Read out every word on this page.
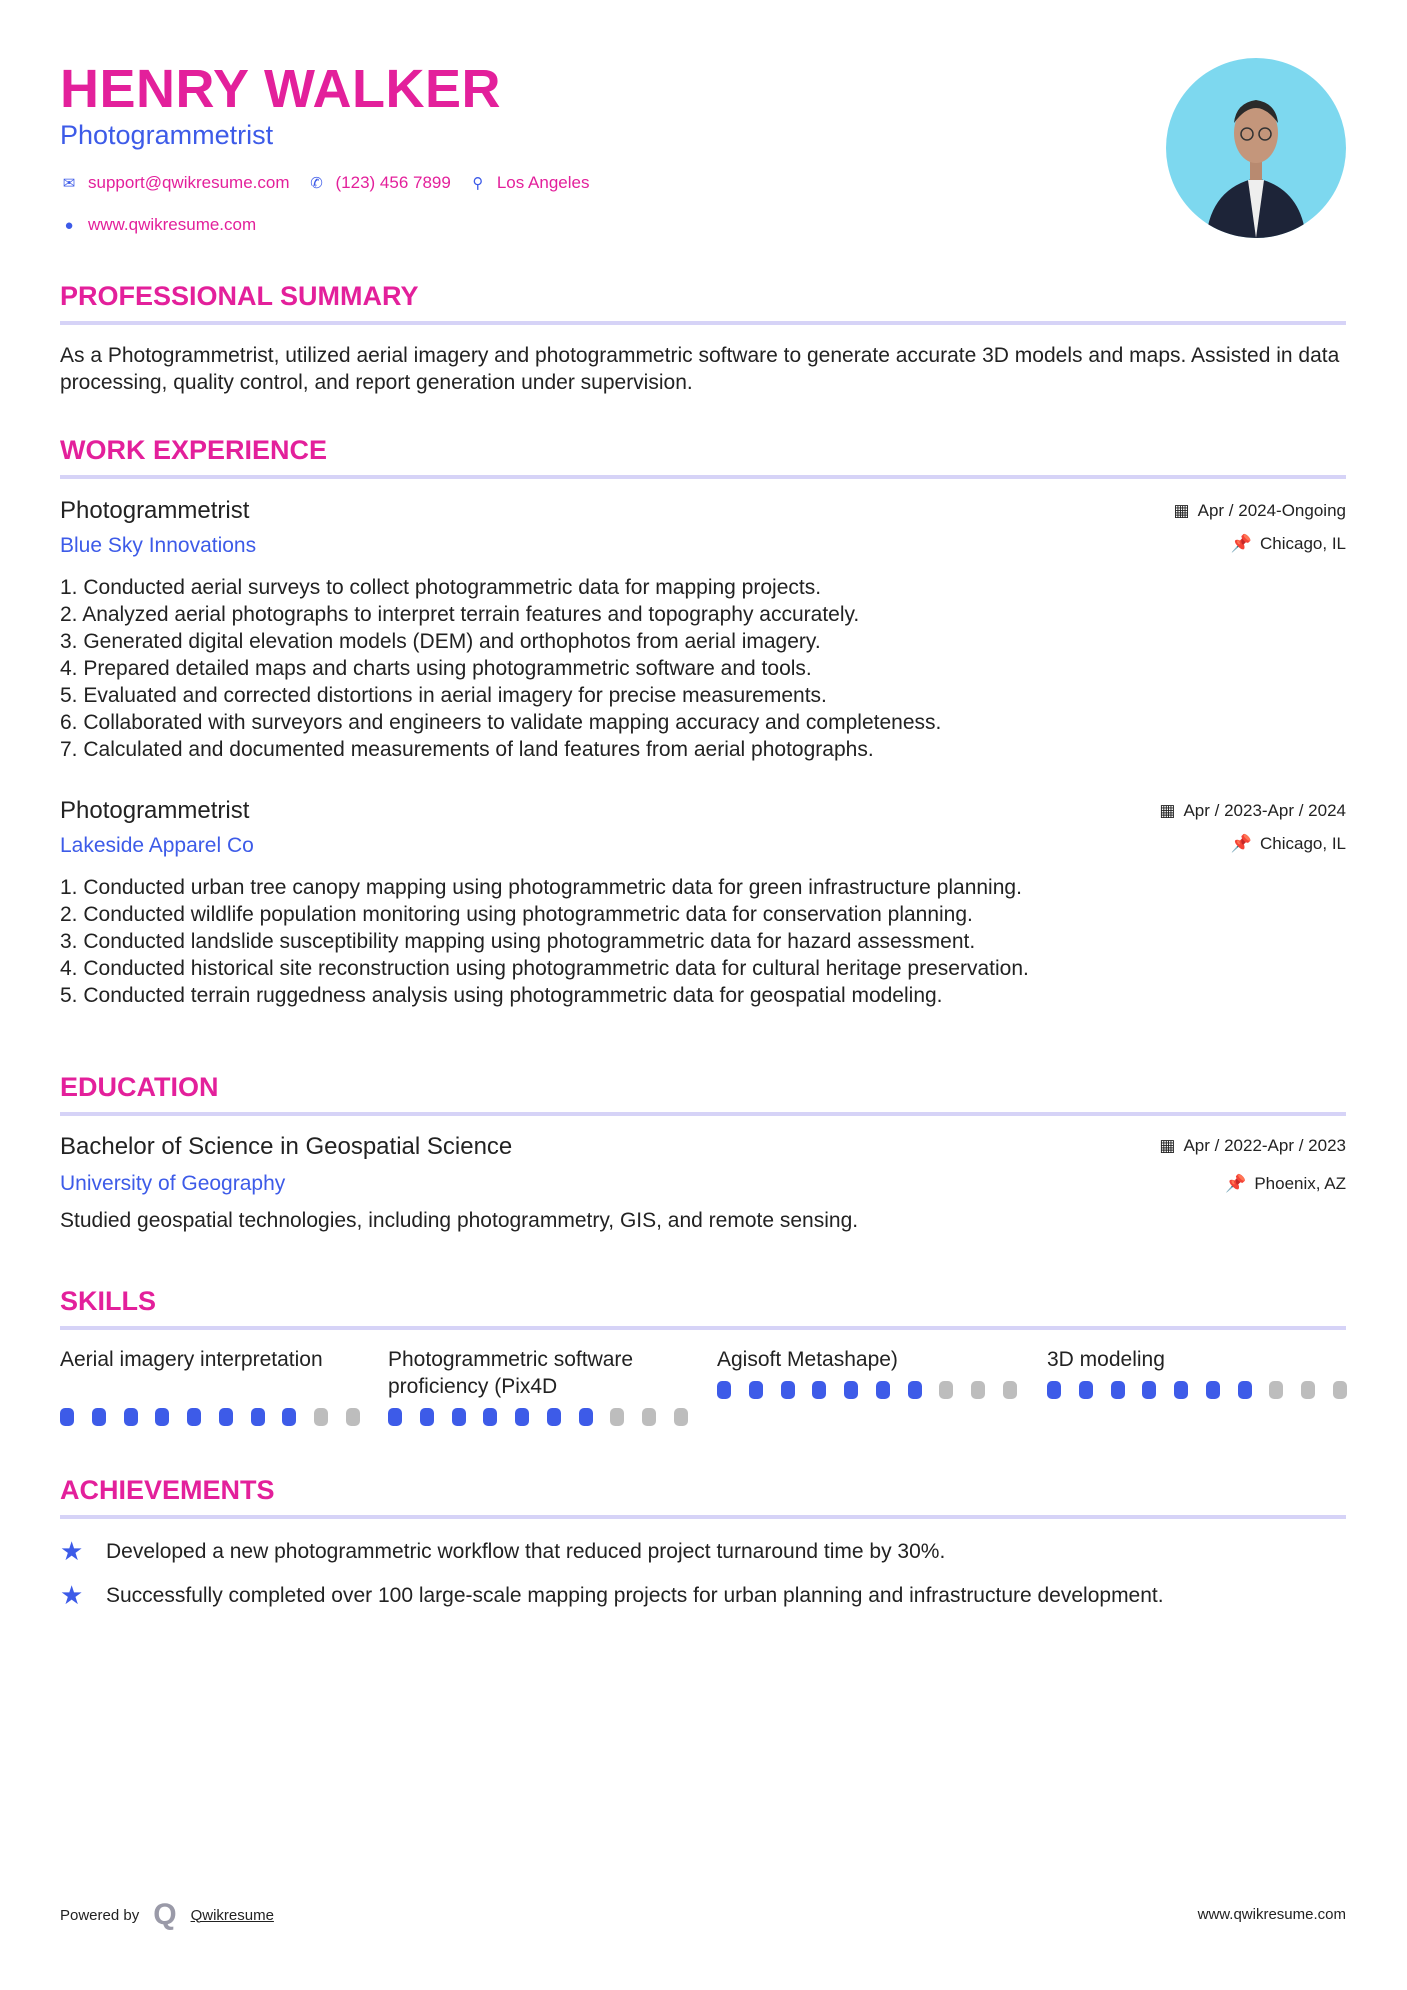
HENRY WALKER
Photogrammetrist
✉ support@qwikresume.com ✆ (123) 456 7899 ⚲ Los Angeles
● www.qwikresume.com
PROFESSIONAL SUMMARY
As a Photogrammetrist, utilized aerial imagery and photogrammetric software to generate accurate 3D models and maps. Assisted in data processing, quality control, and report generation under supervision.
WORK EXPERIENCE
Photogrammetrist
Blue Sky Innovations
▦ Apr / 2024-Ongoing
📌 Chicago, IL
1. Conducted aerial surveys to collect photogrammetric data for mapping projects.
2. Analyzed aerial photographs to interpret terrain features and topography accurately.
3. Generated digital elevation models (DEM) and orthophotos from aerial imagery.
4. Prepared detailed maps and charts using photogrammetric software and tools.
5. Evaluated and corrected distortions in aerial imagery for precise measurements.
6. Collaborated with surveyors and engineers to validate mapping accuracy and completeness.
7. Calculated and documented measurements of land features from aerial photographs.
Photogrammetrist
Lakeside Apparel Co
▦ Apr / 2023-Apr / 2024
📌 Chicago, IL
1. Conducted urban tree canopy mapping using photogrammetric data for green infrastructure planning.
2. Conducted wildlife population monitoring using photogrammetric data for conservation planning.
3. Conducted landslide susceptibility mapping using photogrammetric data for hazard assessment.
4. Conducted historical site reconstruction using photogrammetric data for cultural heritage preservation.
5. Conducted terrain ruggedness analysis using photogrammetric data for geospatial modeling.
EDUCATION
Bachelor of Science in Geospatial Science
University of Geography
▦ Apr / 2022-Apr / 2023
📌 Phoenix, AZ
Studied geospatial technologies, including photogrammetry, GIS, and remote sensing.
SKILLS
Aerial imagery interpretation	Photogrammetric software proficiency (Pix4D
Agisoft Metashape)	3D modeling
ACHIEVEMENTS
★	Developed a new photogrammetric workflow that reduced project turnaround time by 30%.
★	Successfully completed over 100 large-scale mapping projects for urban planning and infrastructure development.
Powered by Q Qwikresume	www.qwikresume.com
